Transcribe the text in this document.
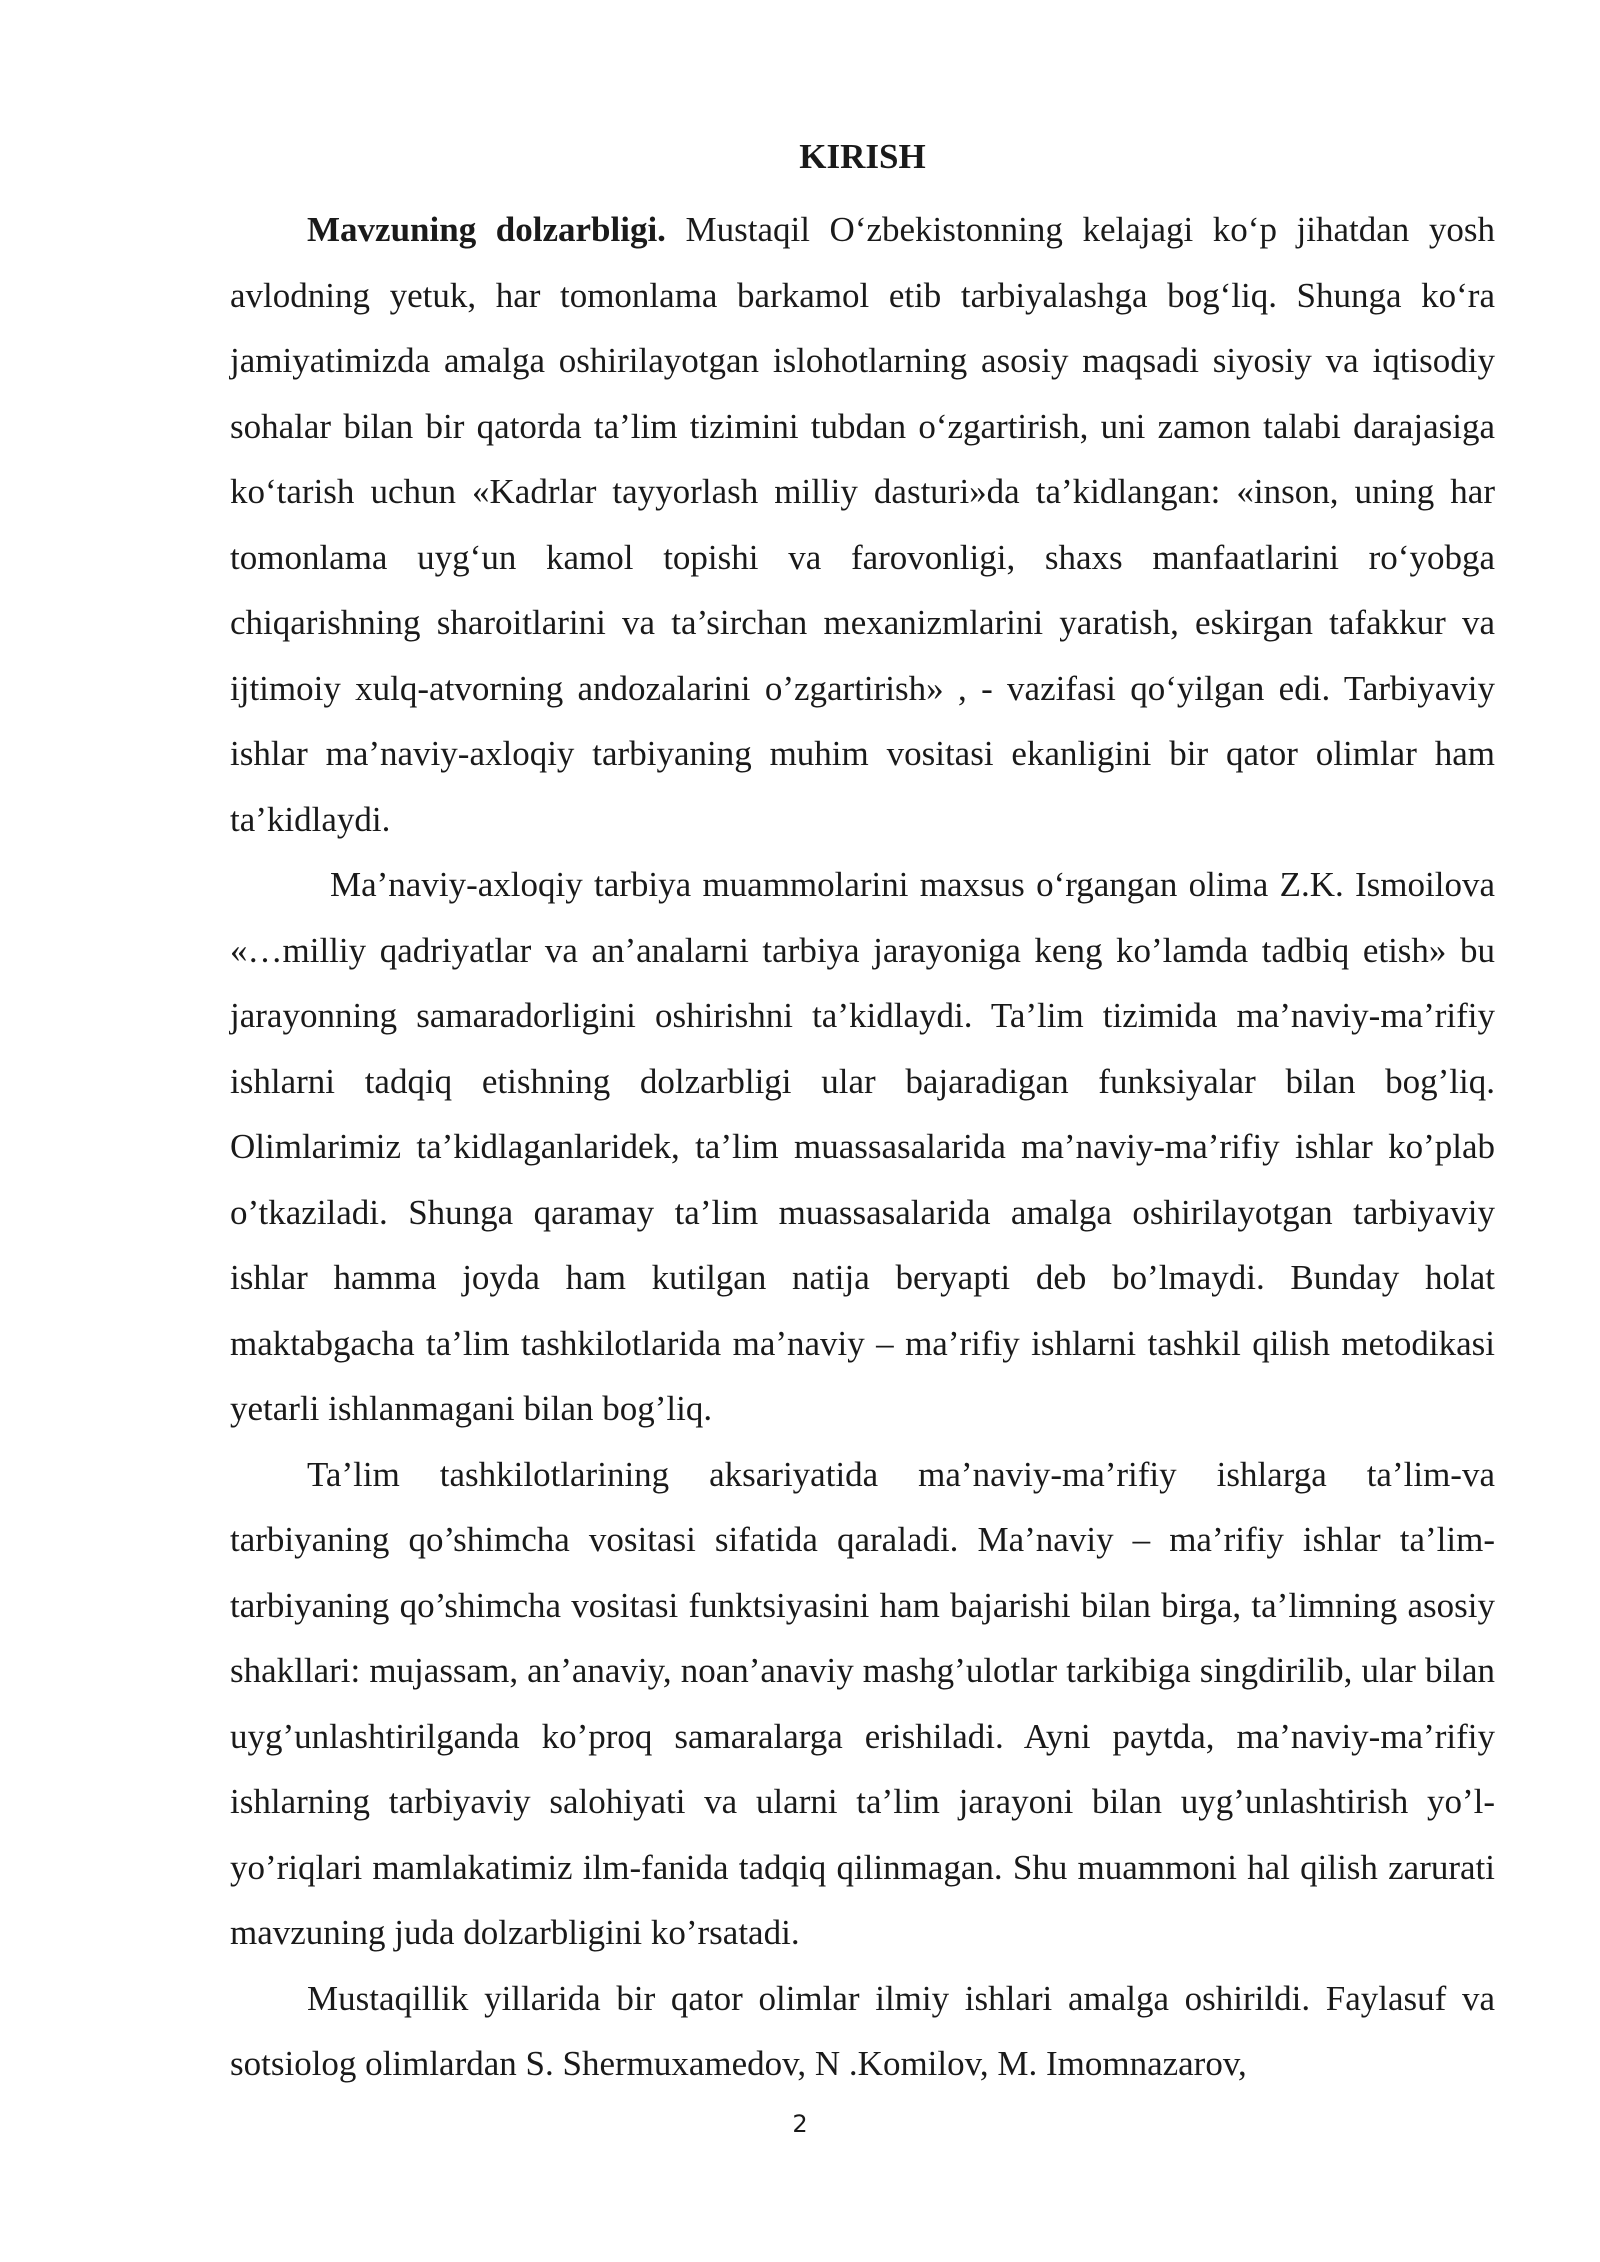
KIRISH

Mavzuning dolzarbligi. Mustaqil O‘zbekistonning kelajagi ko‘p jihatdan yosh avlodning yetuk, har tomonlama barkamol etib tarbiyalashga bog‘liq. Shunga ko‘ra jamiyatimizda amalga oshirilayotgan islohotlarning asosiy maqsadi siyosiy va iqtisodiy sohalar bilan bir qatorda ta’lim tizimini tubdan o‘zgartirish, uni zamon talabi darajasiga ko‘tarish uchun «Kadrlar tayyorlash milliy dasturi»da ta’kidlangan: «inson, uning har tomonlama uyg‘un kamol topishi va farovonligi, shaxs manfaatlarini ro‘yobga chiqarishning sharoitlarini va ta’sirchan mexanizmlarini yaratish, eskirgan tafakkur va ijtimoiy xulq-atvorning andozalarini o’zgartirish» , - vazifasi qo‘yilgan edi. Tarbiyaviy ishlar ma’naviy-axloqiy tarbiyaning muhim vositasi ekanligini bir qator olimlar ham ta’kidlaydi.

Ma’naviy-axloqiy tarbiya muammolarini maxsus o‘rgangan olima Z.K. Ismoilova «…milliy qadriyatlar va an’analarni tarbiya jarayoniga keng ko’lamda tadbiq etish» bu jarayonning samaradorligini oshirishni ta’kidlaydi. Ta’lim tizimida ma’naviy-ma’rifiy ishlarni tadqiq etishning dolzarbligi ular bajaradigan funksiyalar bilan bog’liq. Olimlarimiz ta’kidlaganlaridek, ta’lim muassasalarida ma’naviy-ma’rifiy ishlar ko’plab o’tkaziladi. Shunga qaramay ta’lim muassasalarida amalga oshirilayotgan tarbiyaviy ishlar hamma joyda ham kutilgan natija beryapti deb bo’lmaydi. Bunday holat maktabgacha ta’lim tashkilotlarida ma’naviy – ma’rifiy ishlarni tashkil qilish metodikasi yetarli ishlanmagani bilan bog’liq.

Ta’lim tashkilotlarining aksariyatida ma’naviy-ma’rifiy ishlarga ta’lim-va tarbiyaning qo’shimcha vositasi sifatida qaraladi. Ma’naviy – ma’rifiy ishlar ta’lim-tarbiyaning qo’shimcha vositasi funktsiyasini ham bajarishi bilan birga, ta’limning asosiy shakllari: mujassam, an’anaviy, noan’anaviy mashg’ulotlar tarkibiga singdirilib, ular bilan uyg’unlashtirilganda ko’proq samaralarga erishiladi. Ayni paytda, ma’naviy-ma’rifiy ishlarning tarbiyaviy salohiyati va ularni ta’lim jarayoni bilan uyg’unlashtirish yo’l-yo’riqlari mamlakatimiz ilm-fanida tadqiq qilinmagan. Shu muammoni hal qilish zarurati mavzuning juda dolzarbligini ko’rsatadi.

Mustaqillik yillarida bir qator olimlar ilmiy ishlari amalga oshirildi. Faylasuf va sotsiolog olimlardan S. Shermuxamedov, N .Komilov, M. Imomnazarov,

2
